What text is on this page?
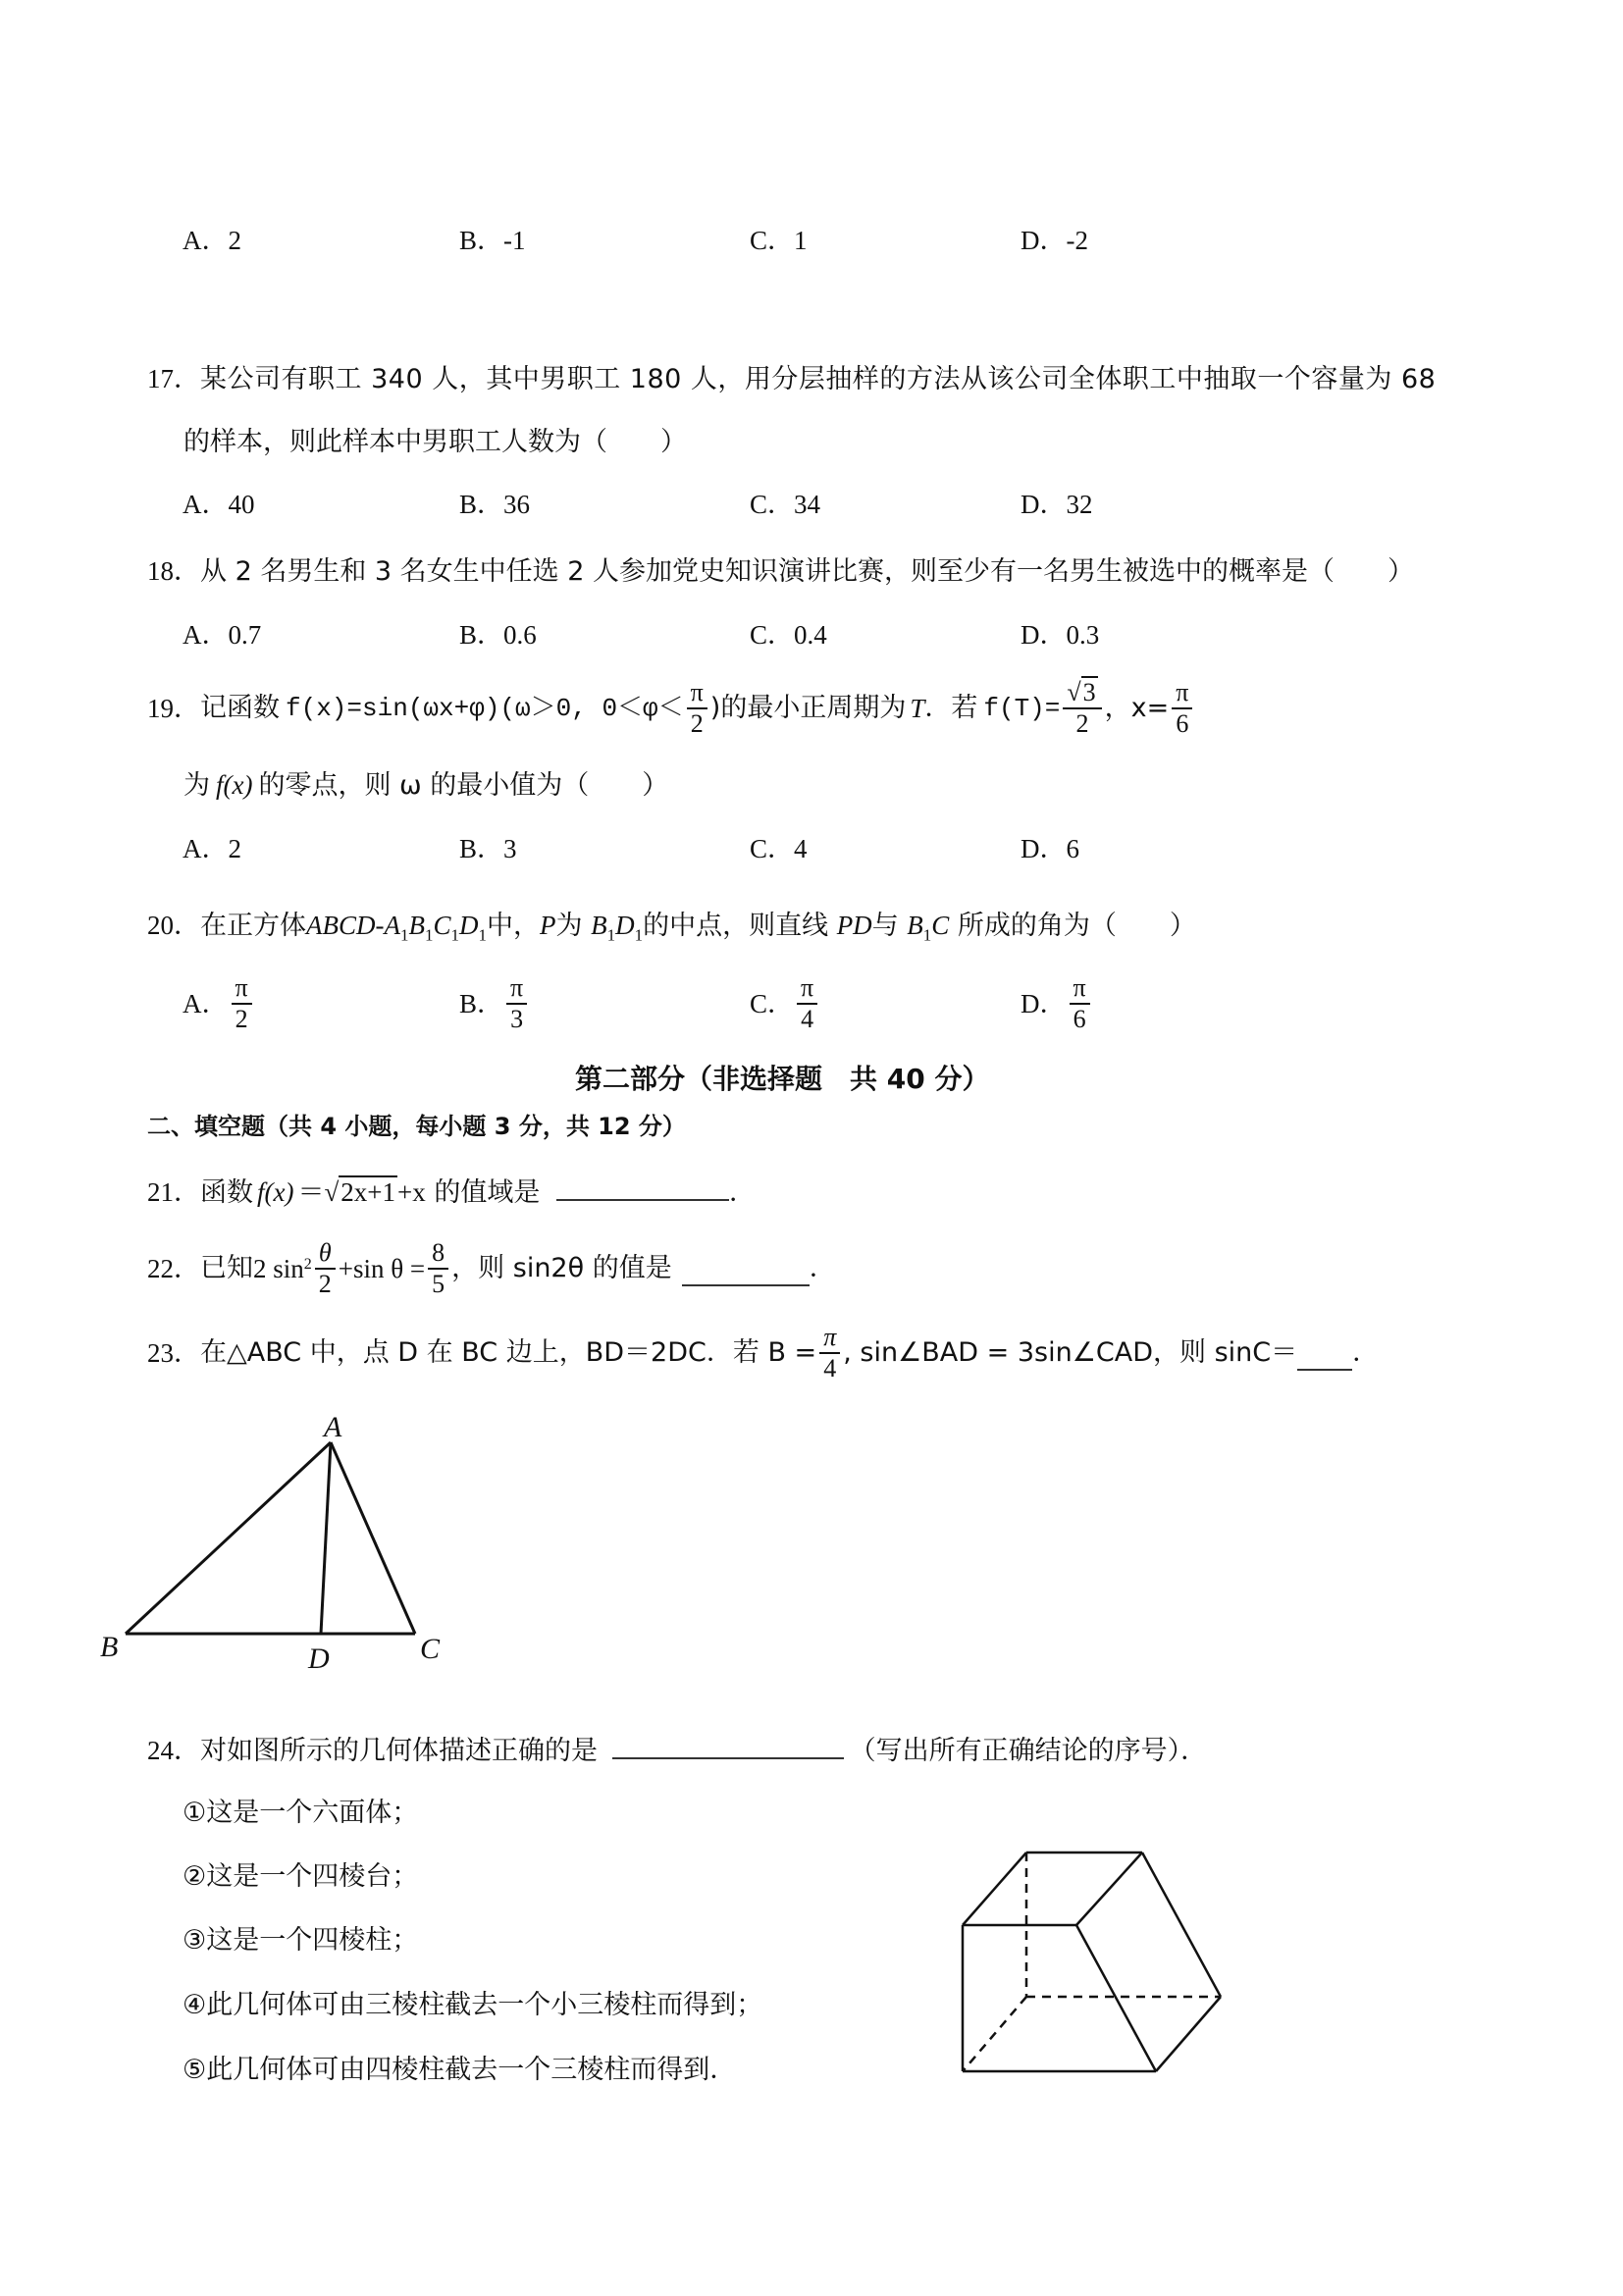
A．2	B．-1	C．1	D．-2
17．某公司有职工 340 人，其中男职工 180 人，用分层抽样的方法从该公司全体职工中抽取一个容量为 68
的样本，则此样本中男职工人数为（　　）
A．40	B．36	C．34	D．32
18．从 2 名男生和 3 名女生中任选 2 人参加党史知识演讲比赛，则至少有一名男生被选中的概率是（　　）
A．0.7	B．0.6	C．0.4	D．0.3
19． 记函数 f(x)=sin(ωx+φ)(ω＞0, $0<\varphi< \frac{\pi}{2}$ )的最小正周期为 T ．若 $f(T)= \frac{√3}{2}$ ，$x= \frac{\pi}{6}$
为 f(x) 的零点，则 ω 的最小值为（　　）
A．2	B．3	C．4	D．6
20．在正方体ABCD-$A_1B_1C_1D_1$中，P为 $B_1D_1$的中点，则直线 PD与 $B_1C$ 所成的角为（　　）
A． $\frac{\pi}{2}$	B． $\frac{\pi}{3}$	C． $\frac{\pi}{4}$	D． $\frac{\pi}{6}$
第二部分（非选择题　共 40 分）
二、填空题（共 4 小题，每小题 3 分，共 12 分）
21．函数 f(x) ＝√2x+1+x 的值域是	．
22． 已知 2 $\sin 2 \frac{\theta}{2} +\sin$ $\theta = \frac{8}{5}$ ，则 sin2θ 的值是	．
23． 在△ABC 中，点 D 在 BC 边上，BD＝2DC．若 $B = \frac{\pi}{4}$ , sin∠BAD = 3sin∠CAD，则 sinC＝ ．
A
B	D	C
24．对如图所示的几何体描述正确的是	（写出所有正确结论的序号）．
①这是一个六面体；
②这是一个四棱台；
③这是一个四棱柱；
④此几何体可由三棱柱截去一个小三棱柱而得到；
⑤此几何体可由四棱柱截去一个三棱柱而得到．
